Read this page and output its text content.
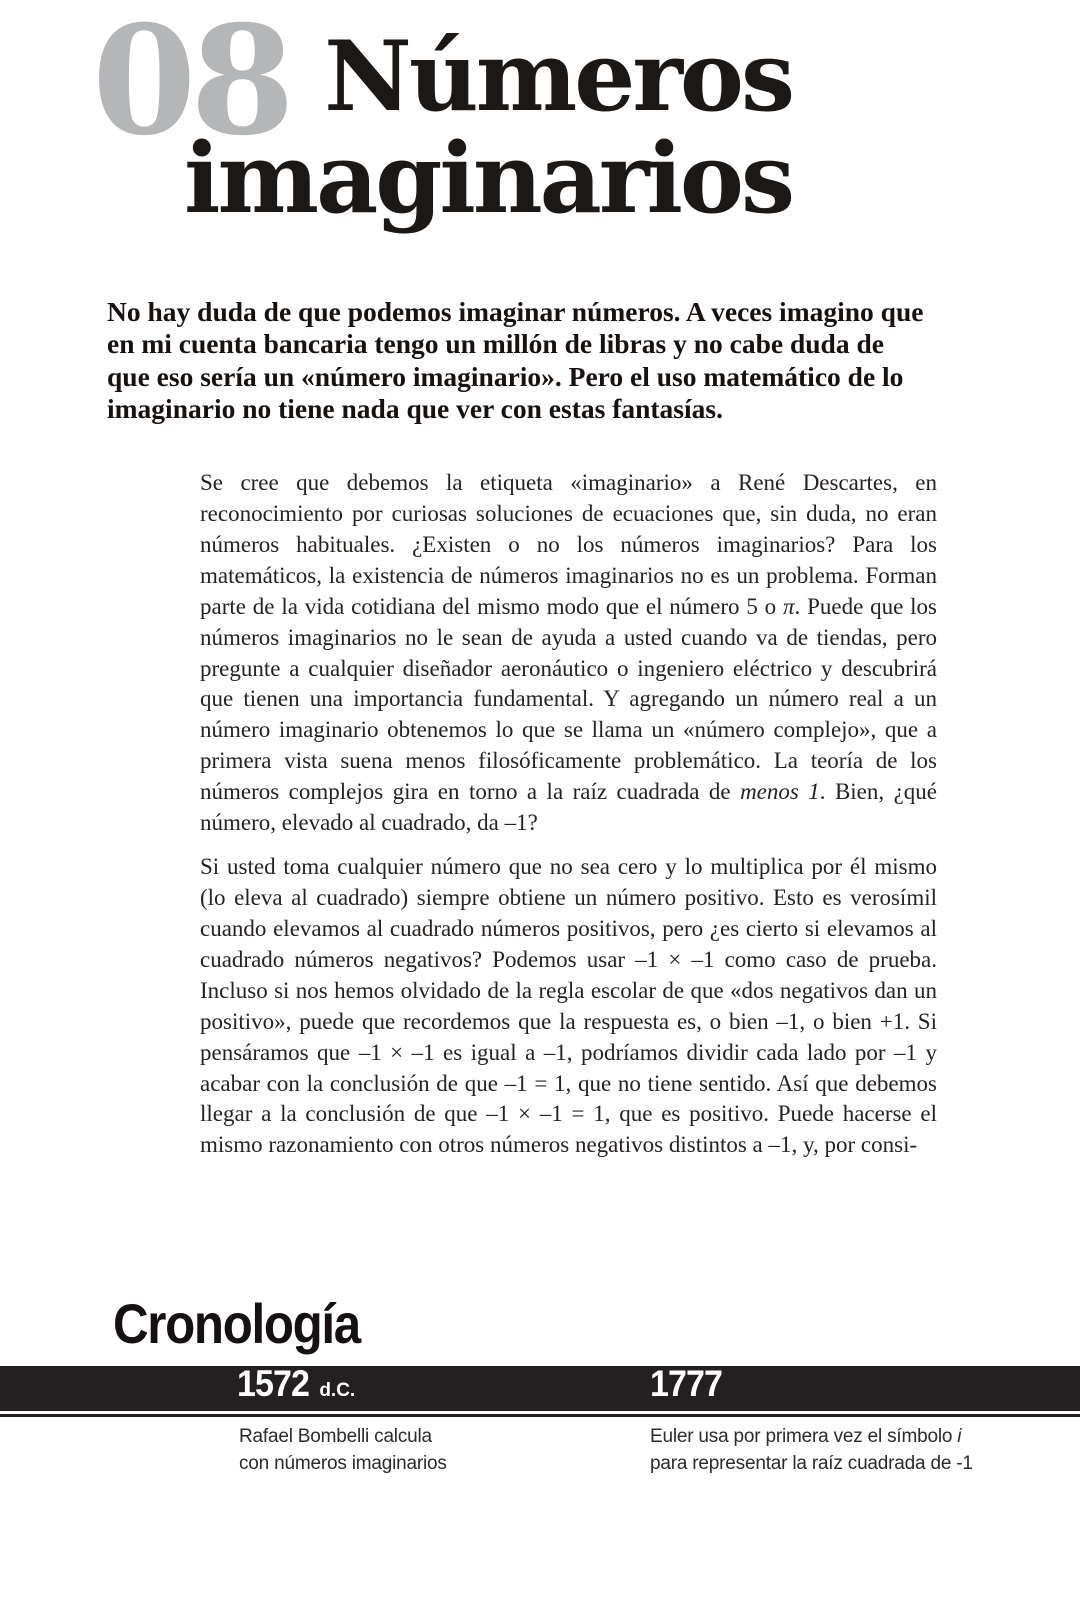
08 Números
imaginarios

No hay duda de que podemos imaginar números. A veces imagino que en mi cuenta bancaria tengo un millón de libras y no cabe duda de que eso sería un «número imaginario». Pero el uso matemático de lo imaginario no tiene nada que ver con estas fantasías.

Se cree que debemos la etiqueta «imaginario» a René Descartes, en reconocimiento por curiosas soluciones de ecuaciones que, sin duda, no eran números habituales. ¿Existen o no los números imaginarios? Para los matemáticos, la existencia de números imaginarios no es un problema. Forman parte de la vida cotidiana del mismo modo que el número 5 o π. Puede que los números imaginarios no le sean de ayuda a usted cuando va de tiendas, pero pregunte a cualquier diseñador aeronáutico o ingeniero eléctrico y descubrirá que tienen una importancia fundamental. Y agregando un número real a un número imaginario obtenemos lo que se llama un «número complejo», que a primera vista suena menos filosóficamente problemático. La teoría de los números complejos gira en torno a la raíz cuadrada de menos 1. Bien, ¿qué número, elevado al cuadrado, da –1?

Si usted toma cualquier número que no sea cero y lo multiplica por él mismo (lo eleva al cuadrado) siempre obtiene un número positivo. Esto es verosímil cuando elevamos al cuadrado números positivos, pero ¿es cierto si elevamos al cuadrado números negativos? Podemos usar –1 × –1 como caso de prueba. Incluso si nos hemos olvidado de la regla escolar de que «dos negativos dan un positivo», puede que recordemos que la respuesta es, o bien –1, o bien +1. Si pensáramos que –1 × –1 es igual a –1, podríamos dividir cada lado por –1 y acabar con la conclusión de que –1 = 1, que no tiene sentido. Así que debemos llegar a la conclusión de que –1 × –1 = 1, que es positivo. Puede hacerse el mismo razonamiento con otros números negativos distintos a –1, y, por consi-

Cronología
1572 d.C.	1777
Rafael Bombelli calcula
con números imaginarios
Euler usa por primera vez el símbolo i
para representar la raíz cuadrada de -1
